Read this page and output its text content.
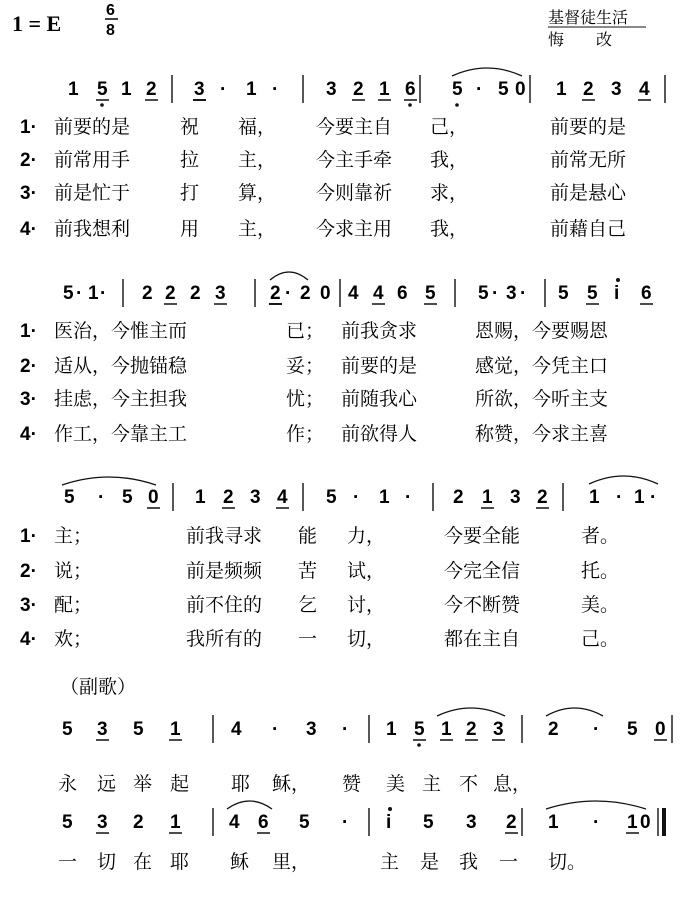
1 = E
6
8
基督徒生活
悔　　改
1 5 1 2 3 · 1 ·	3 2 1 6 5 · 5 0 1 2 3 4
1· 前要的是	祝 福， 今要主自 己，	前要的是
2· 前常用手	拉 主， 今主手牵 我，	前常无所
3· 前是忙于	打 算， 今则靠祈 求，	前是悬心
4· 前我想利	用 主， 今求主用 我，	前藉自己
5 · 1 · 2 2 2 3 2 · 2 0 4 4 6 5 5 · 3 · 5 5 i 6
1· 医治，今惟主而	已； 前我贪求	恩赐，今要赐恩
2· 适从，今抛锚稳	妥； 前要的是	感觉，今凭主口
3· 挂虑，今主担我	忧； 前随我心	所欲，今听主支
4· 作工，今靠主工	作； 前欲得人	称赞，今求主喜
5 · 5 0 1 2 3 4 5 · 1 · 2 1 3 2 1 · 1 ·
1· 主；	前我寻求 能 力，	今要全能	者。
2· 说；	前是频频 苦 试，	今完全信	托。
3· 配；	前不住的 乞 讨，	今不断赞	美。
4· 欢；	我所有的 一 切，	都在主自	己。
5 3 5 1	4 · 3 · 1 5 1 2 3 2 · 5 0
永 远 举 起 耶 稣， 赞 美 主 不 息，
5 3 2 1	4 6 5 · i 5 3 2 1 · 1 0
一 切 在 耶 稣 里，	主 是 我 一 切。
（副歌）
